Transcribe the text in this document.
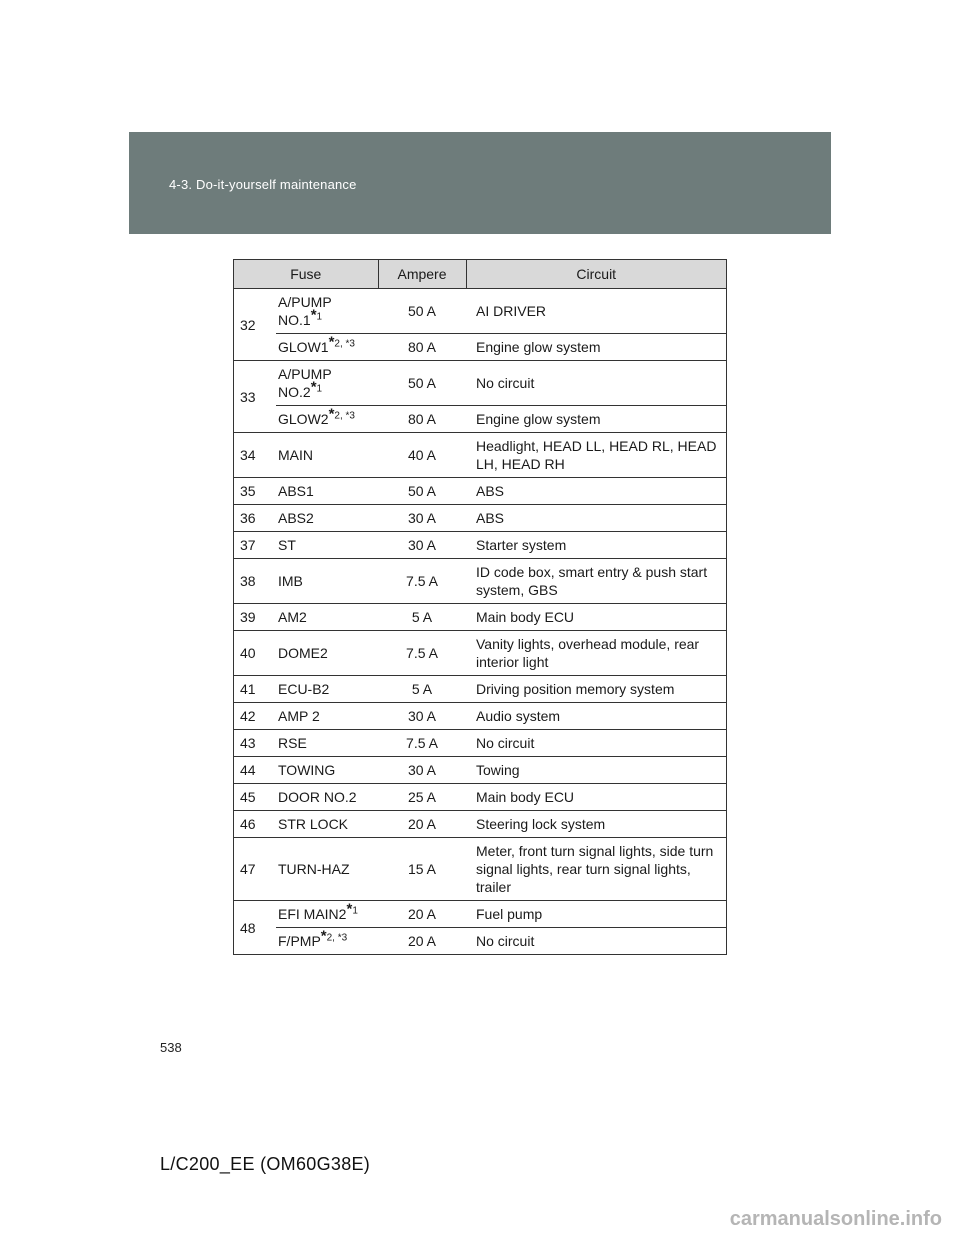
4-3. Do-it-yourself maintenance
Fuse		Ampere	Circuit
32	A/PUMP NO.1*$^1$	50 A	AI DRIVER
	GLOW1*$^{2, *3}$	80 A	Engine glow system
33	A/PUMP NO.2*$^1$	50 A	No circuit
	GLOW2*$^{2, *3}$	80 A	Engine glow system
34	MAIN	40 A	Headlight, HEAD LL, HEAD RL, HEAD LH, HEAD RH
35	ABS1	50 A	ABS
36	ABS2	30 A	ABS
37	ST	30 A	Starter system
38	IMB	7.5 A	ID code box, smart entry & push start system, GBS
39	AM2	5 A	Main body ECU
40	DOME2	7.5 A	Vanity lights, overhead module, rear interior light
41	ECU-B2	5 A	Driving position memory system
42	AMP 2	30 A	Audio system
43	RSE	7.5 A	No circuit
44	TOWING	30 A	Towing
45	DOOR NO.2	25 A	Main body ECU
46	STR LOCK	20 A	Steering lock system
47	TURN-HAZ	15 A	Meter, front turn signal lights, side turn signal lights, rear turn signal lights, trailer
48	EFI MAIN2*$^1$	20 A	Fuel pump
	F/PMP*$^{2, *3}$	20 A	No circuit
538
L/C200_EE (OM60G38E)
carmanualsonline.info
